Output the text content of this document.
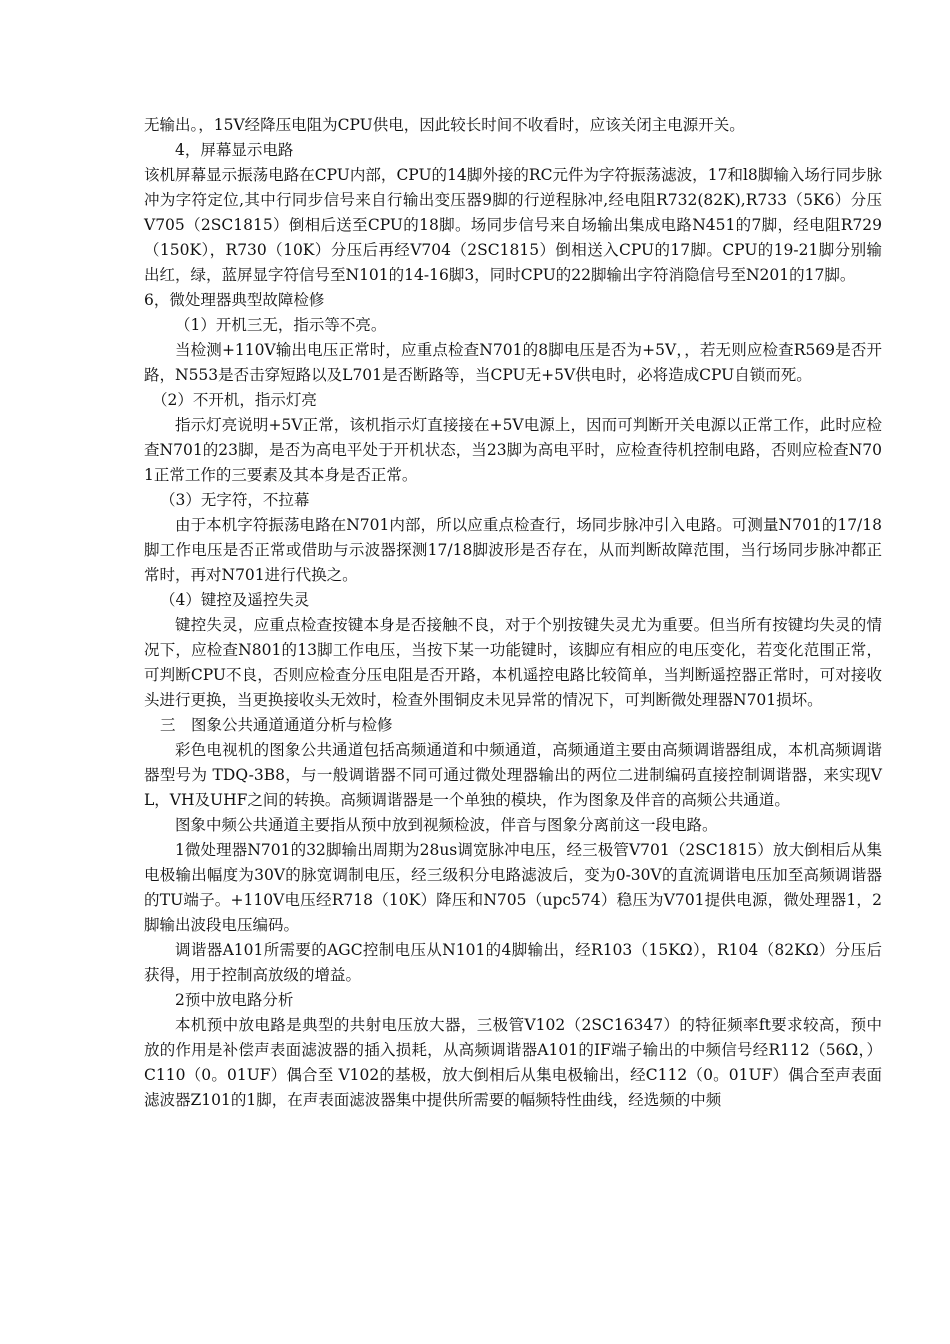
无输出。，15V经降压电阻为CPU供电，因此较长时间不收看时，应该关闭主电源开关。

4，屏幕显示电路

该机屏幕显示振荡电路在CPU内部，CPU的14脚外接的RC元件为字符振荡滤波，17和l8脚输入场行同步脉冲为字符定位,其中行同步信号来自行输出变压器9脚的行逆程脉冲,经电阻R732(82K),R733（5K6）分压 V705（2SC1815）倒相后送至CPU的18脚。场同步信号来自场输出集成电路N451的7脚，经电阻R729（150K），R730（10K）分压后再经V704（2SC1815）倒相送入CPU的17脚。CPU的19-21脚分别输出红，绿，蓝屏显字符信号至N101的14-16脚3，同时CPU的22脚输出字符消隐信号至N201的17脚。

6，微处理器典型故障检修

（1）开机三无，指示等不亮。

当检测+110V输出电压正常时，应重点检查N701的8脚电压是否为+5V，，若无则应检查R569是否开路，N553是否击穿短路以及L701是否断路等，当CPU无+5V供电时，必将造成CPU自锁而死。

（2）不开机，指示灯亮

指示灯亮说明+5V正常，该机指示灯直接接在+5V电源上，因而可判断开关电源以正常工作，此时应检查N701的23脚，是否为高电平处于开机状态，当23脚为高电平时，应检查待机控制电路，否则应检查N701正常工作的三要素及其本身是否正常。

（3）无字符，不拉幕

由于本机字符振荡电路在N701内部，所以应重点检查行，场同步脉冲引入电路。可测量N701的17/18脚工作电压是否正常或借助与示波器探测17/18脚波形是否存在，从而判断故障范围，当行场同步脉冲都正常时，再对N701进行代换之。

（4）键控及遥控失灵

键控失灵，应重点检查按键本身是否接触不良，对于个别按键失灵尤为重要。但当所有按键均失灵的情况下，应检查N801的13脚工作电压，当按下某一功能键时，该脚应有相应的电压变化，若变化范围正常，可判断CPU不良，否则应检查分压电阻是否开路，本机遥控电路比较简单，当判断遥控器正常时，可对接收头进行更换，当更换接收头无效时，检查外围铜皮未见异常的情况下，可判断微处理器N701损坏。

三　图象公共通道通道分析与检修

彩色电视机的图象公共通道包括高频通道和中频通道，高频通道主要由高频调谐器组成，本机高频调谐器型号为 TDQ-3B8，与一般调谐器不同可通过微处理器输出的两位二进制编码直接控制调谐器，来实现VL，VH及UHF之间的转换。高频调谐器是一个单独的模块，作为图象及伴音的高频公共通道。

图象中频公共通道主要指从预中放到视频检波，伴音与图象分离前这一段电路。

1微处理器N701的32脚输出周期为28us调宽脉冲电压，经三极管V701（2SC1815）放大倒相后从集电极输出幅度为30V的脉宽调制电压，经三级积分电路滤波后，变为0-30V的直流调谐电压加至高频调谐器的TU端子。+110V电压经R718（10K）降压和N705（upc574）稳压为V701提供电源，微处理器1，2脚输出波段电压编码。

调谐器A101所需要的AGC控制电压从N101的4脚输出，经R103（15KΩ），R104（82KΩ）分压后获得，用于控制高放级的增益。

2预中放电路分析

本机预中放电路是典型的共射电压放大器，三极管V102（2SC16347）的特征频率ft要求较高，预中放的作用是补偿声表面滤波器的插入损耗，从高频调谐器A101的IF端子输出的中频信号经R112（56Ω，）C110（0。01UF）偶合至 V102的基极，放大倒相后从集电极输出，经C112（0。01UF）偶合至声表面滤波器Z101的1脚，在声表面滤波器集中提供所需要的幅频特性曲线，经选频的中频
